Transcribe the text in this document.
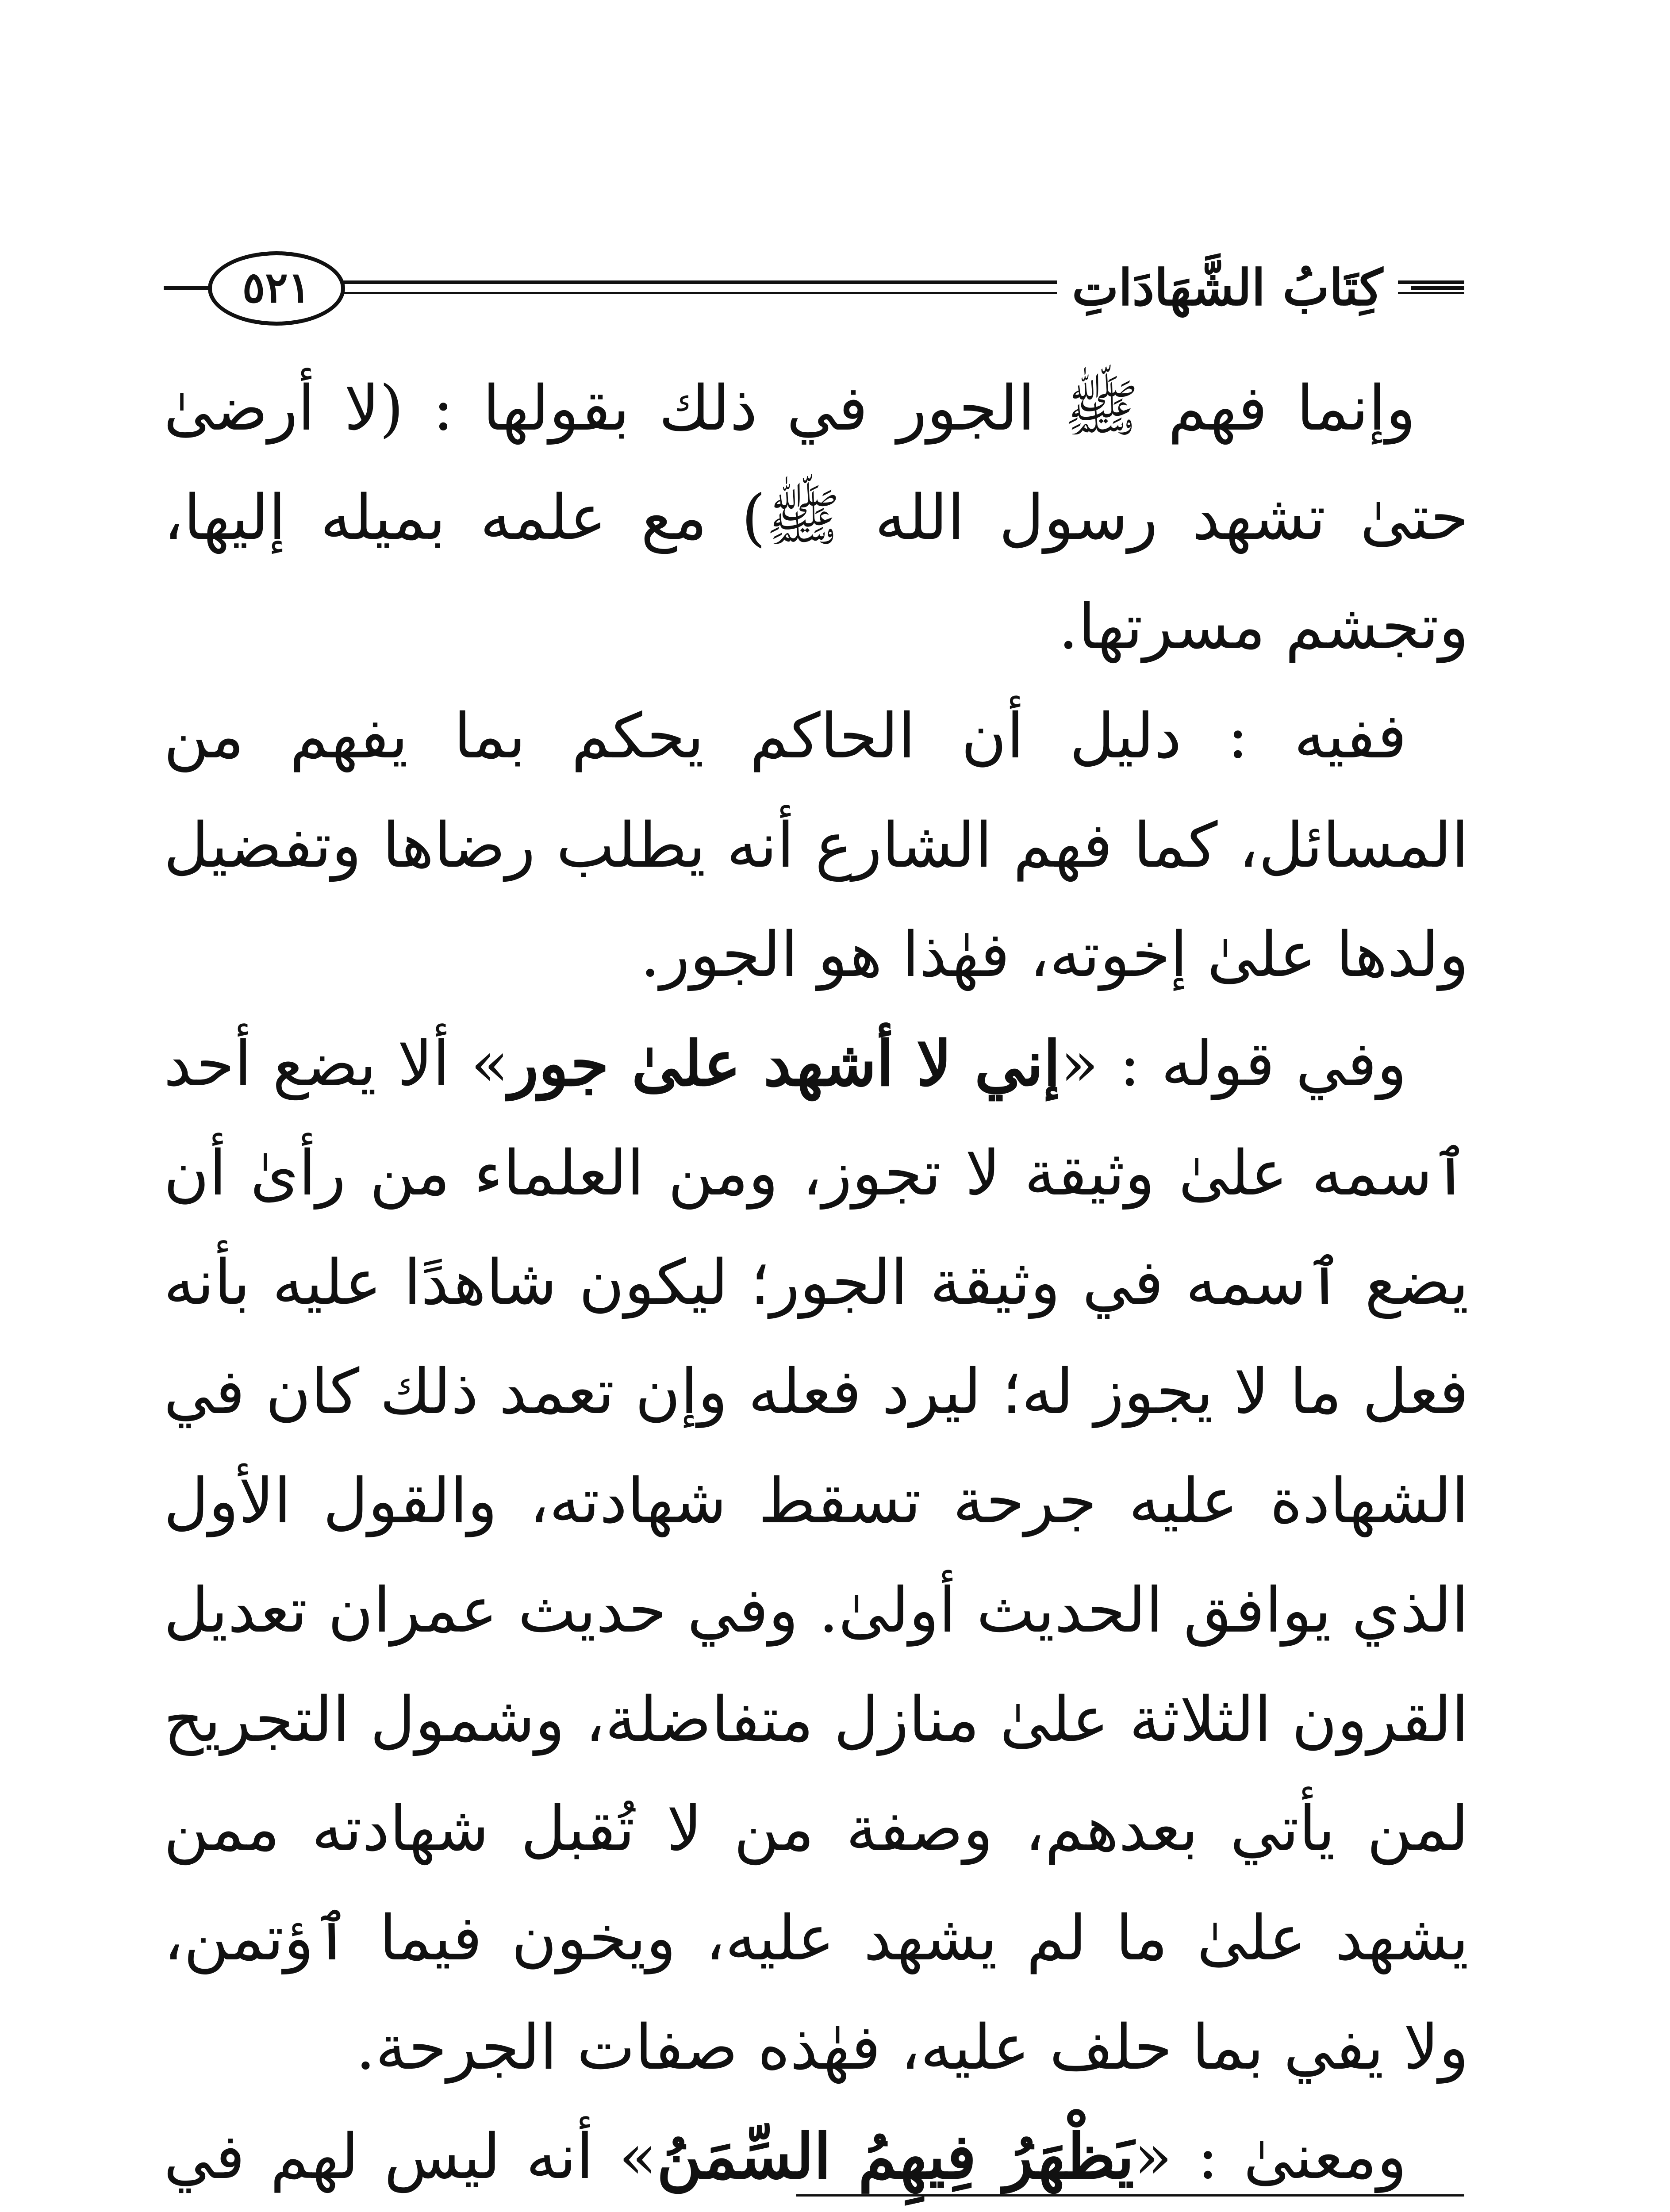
كِتَابُ الشَّهَادَاتِ
٥٢١

وإنما فهم ﷺ الجور في ذلك بقولها : (لا أرضىٰ حتىٰ تشهد رسول الله ﷺ) مع علمه بميله إليها، وتجشم مسرتها.

ففيه : دليل أن الحاكم يحكم بما يفهم من المسائل، كما فهم الشارع أنه يطلب رضاها وتفضيل ولدها علىٰ إخوته، فهٰذا هو الجور.

وفي قوله : «إني لا أشهد علىٰ جور» ألا يضع أحد ٱسمه علىٰ وثيقة لا تجوز، ومن العلماء من رأىٰ أن يضع ٱسمه في وثيقة الجور؛ ليكون شاهدًا عليه بأنه فعل ما لا يجوز له؛ ليرد فعله وإن تعمد ذلك كان في الشهادة عليه جرحة تسقط شهادته، والقول الأول الذي يوافق الحديث أولىٰ. وفي حديث عمران تعديل القرون الثلاثة علىٰ منازل متفاضلة، وشمول التجريح لمن يأتي بعدهم، وصفة من لا تُقبل شهادته ممن يشهد علىٰ ما لم يشهد عليه، ويخون فيما ٱؤتمن، ولا يفي بما حلف عليه، فهٰذه صفات الجرحة.

ومعنىٰ : «يَظْهَرُ فِيهِمُ السِّمَنُ» أنه ليس لهم في
